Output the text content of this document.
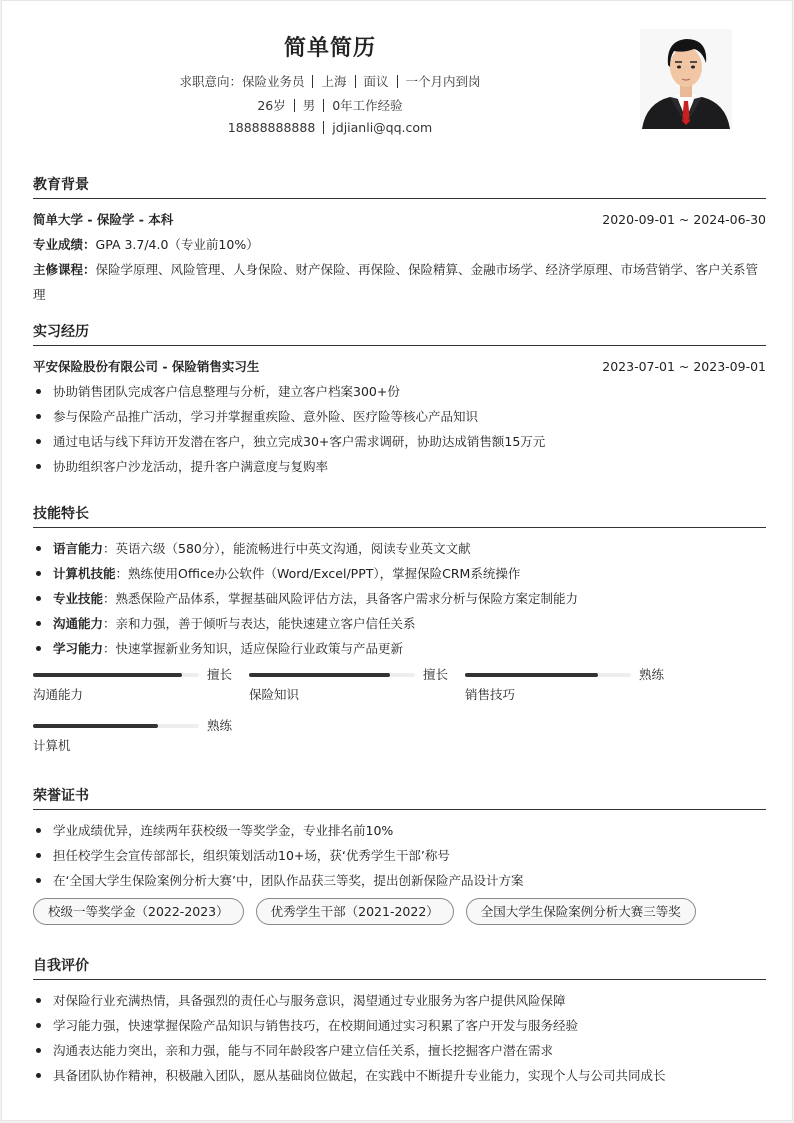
简单简历
求职意向：保险业务员 上海 面议 一个月内到岗
26岁 男 0年工作经验
18888888888 jdjianli@qq.com
教育背景
简单大学 - 保险学 - 本科	2020-09-01 ~ 2024-06-30
专业成绩：GPA 3.7/4.0（专业前10%）
主修课程：保险学原理、风险管理、人身保险、财产保险、再保险、保险精算、金融市场学、经济学原理、市场营销学、客户关系管理
实习经历
平安保险股份有限公司 - 保险销售实习生	2023-07-01 ~ 2023-09-01
协助销售团队完成客户信息整理与分析，建立客户档案300+份
参与保险产品推广活动，学习并掌握重疾险、意外险、医疗险等核心产品知识
通过电话与线下拜访开发潜在客户，独立完成30+客户需求调研，协助达成销售额15万元
协助组织客户沙龙活动，提升客户满意度与复购率
技能特长
语言能力：英语六级（580分），能流畅进行中英文沟通，阅读专业英文文献
计算机技能：熟练使用Office办公软件（Word/Excel/PPT），掌握保险CRM系统操作
专业技能：熟悉保险产品体系，掌握基础风险评估方法，具备客户需求分析与保险方案定制能力
沟通能力：亲和力强，善于倾听与表达，能快速建立客户信任关系
学习能力：快速掌握新业务知识，适应保险行业政策与产品更新
擅长
沟通能力
擅长
保险知识
熟练
销售技巧
熟练
计算机
荣誉证书
学业成绩优异，连续两年获校级一等奖学金，专业排名前10%
担任校学生会宣传部部长，组织策划活动10+场，获‘优秀学生干部’称号
在‘全国大学生保险案例分析大赛’中，团队作品获三等奖，提出创新保险产品设计方案
校级一等奖学金（2022-2023）	优秀学生干部（2021-2022）	全国大学生保险案例分析大赛三等奖
自我评价
对保险行业充满热情，具备强烈的责任心与服务意识，渴望通过专业服务为客户提供风险保障
学习能力强，快速掌握保险产品知识与销售技巧，在校期间通过实习积累了客户开发与服务经验
沟通表达能力突出，亲和力强，能与不同年龄段客户建立信任关系，擅长挖掘客户潜在需求
具备团队协作精神，积极融入团队，愿从基础岗位做起，在实践中不断提升专业能力，实现个人与公司共同成长
